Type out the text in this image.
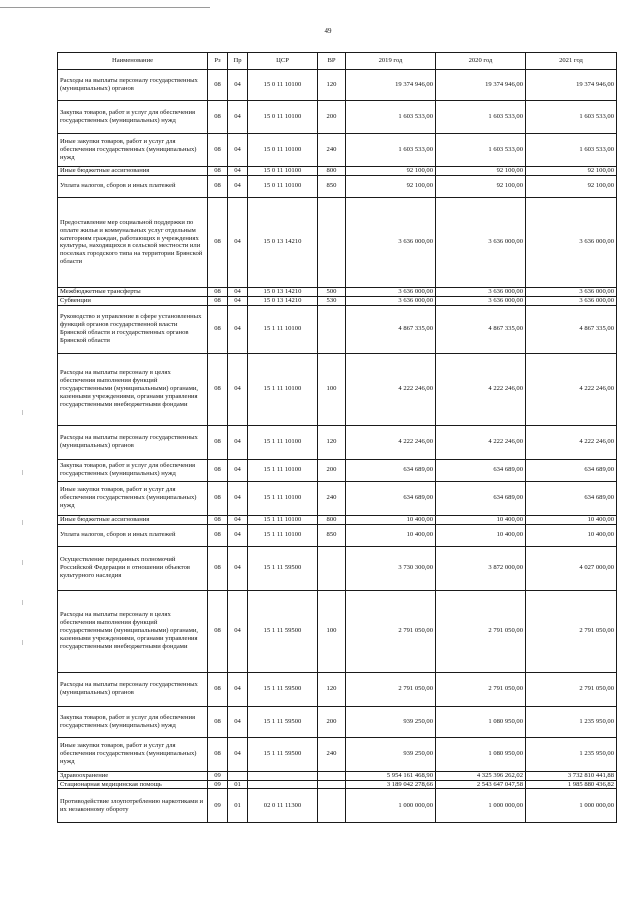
49
Наименование	Рз	Пр	ЦСР	ВР	2019 год	2020 год	2021 год
Расходы на выплаты персоналу государственных (муниципальных) органов	08	04	15 0 11 10100	120	19 374 946,00	19 374 946,00	19 374 946,00
Закупка товаров, работ и услуг для обеспечения государственных (муниципальных) нужд	08	04	15 0 11 10100	200	1 603 533,00	1 603 533,00	1 603 533,00
Иные закупки товаров, работ и услуг для обеспечения государственных (муниципальных) нужд	08	04	15 0 11 10100	240	1 603 533,00	1 603 533,00	1 603 533,00
Иные бюджетные ассигнования	08	04	15 0 11 10100	800	92 100,00	92 100,00	92 100,00
Уплата налогов, сборов и иных платежей	08	04	15 0 11 10100	850	92 100,00	92 100,00	92 100,00
Предоставление мер социальной поддержки по оплате жилья и коммунальных услуг отдельным категориям граждан, работающих в учреждениях культуры, находящихся в сельской местности или поселках городского типа на территории Брянской области	08	04	15 0 13 14210		3 636 000,00	3 636 000,00	3 636 000,00
Межбюджетные трансферты	08	04	15 0 13 14210	500	3 636 000,00	3 636 000,00	3 636 000,00
Субвенции	08	04	15 0 13 14210	530	3 636 000,00	3 636 000,00	3 636 000,00
Руководство и управление в сфере установленных функций органов государственной власти Брянской области и государственных органов Брянской области	08	04	15 1 11 10100		4 867 335,00	4 867 335,00	4 867 335,00
Расходы на выплаты персоналу в целях обеспечения выполнения функций государственными (муниципальными) органами, казенными учреждениями, органами управления государственными внебюджетными фондами	08	04	15 1 11 10100	100	4 222 246,00	4 222 246,00	4 222 246,00
Расходы на выплаты персоналу государственных (муниципальных) органов	08	04	15 1 11 10100	120	4 222 246,00	4 222 246,00	4 222 246,00
Закупка товаров, работ и услуг для обеспечения государственных (муниципальных) нужд	08	04	15 1 11 10100	200	634 689,00	634 689,00	634 689,00
Иные закупки товаров, работ и услуг для обеспечения государственных (муниципальных) нужд	08	04	15 1 11 10100	240	634 689,00	634 689,00	634 689,00
Иные бюджетные ассигнования	08	04	15 1 11 10100	800	10 400,00	10 400,00	10 400,00
Уплата налогов, сборов и иных платежей	08	04	15 1 11 10100	850	10 400,00	10 400,00	10 400,00
Осуществление переданных полномочий Российской Федерации в отношении объектов культурного наследия	08	04	15 1 11 59500		3 730 300,00	3 872 000,00	4 027 000,00
Расходы на выплаты персоналу в целях обеспечения выполнения функций государственными (муниципальными) органами, казенными учреждениями, органами управления государственными внебюджетными фондами	08	04	15 1 11 59500	100	2 791 050,00	2 791 050,00	2 791 050,00
Расходы на выплаты персоналу государственных (муниципальных) органов	08	04	15 1 11 59500	120	2 791 050,00	2 791 050,00	2 791 050,00
Закупка товаров, работ и услуг для обеспечения государственных (муниципальных) нужд	08	04	15 1 11 59500	200	939 250,00	1 080 950,00	1 235 950,00
Иные закупки товаров, работ и услуг для обеспечения государственных (муниципальных) нужд	08	04	15 1 11 59500	240	939 250,00	1 080 950,00	1 235 950,00
Здравоохранение	09				5 954 161 468,90	4 325 396 262,02	3 732 810 441,88
Стационарная медицинская помощь	09	01			3 189 042 278,66	2 543 647 047,58	1 985 880 436,82
Противодействие злоупотреблению наркотиками и их незаконному обороту	09	01	02 0 11 11300		1 000 000,00	1 000 000,00	1 000 000,00
